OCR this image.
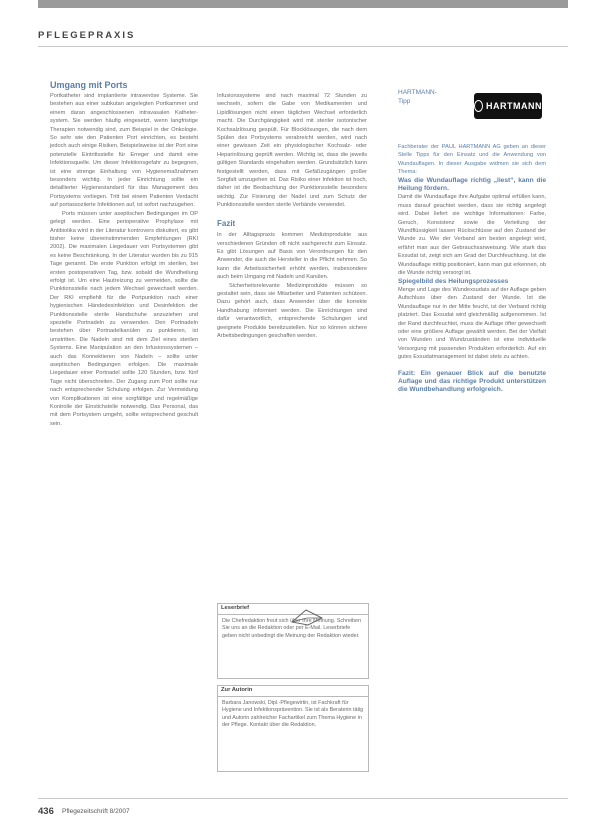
PFLEGEPRAXIS
Umgang mit Ports

Portkatheter sind implantierte intravenöse Systeme. Sie bestehen aus einer subkutan angelegten Portkammer und einem daran angeschlossenen intravasalen Katheter-system. Sie werden häufig eingesetzt, wenn langfristige Therapien notwendig sind, zum Beispiel in der Onkologie. So sehr wie den Patienten Port einrichten, es besteht jedoch auch einige Risiken. Beispielsweise ist der Port eine potenzielle Eintrittsstelle für Erreger und damit eine Infektionsquelle. Um dieser Infektionsgefahr zu begegnen, ist eine strenge Einhaltung von Hygienemaßnahmen besonders wichtig. In jeder Einrichtung sollte ein detaillierter Hygienestandard für das Management des Portsystems vorliegen. Tritt bei einem Patienten Verdacht auf portassoziierte Infektionen auf, ist sofort nachzugehen.

Ports müssen unter aseptischen Bedingungen im OP gelegt werden. Eine perioperative Prophylaxe mit Antibiotika wird in der Literatur kontrovers diskutiert, es gibt bisher keine übereinstimmenden Empfehlungen (RKI 2002). Die maximalen Liegedauer von Portsystemen gibt es keine Beschränkung. In der Literatur wurden bis zu 915 Tage genannt. Die erste Punktion erfolgt im sterilen, bei ersten postoperativen Tag, bzw. sobald die Wundheilung erfolgt ist. Um eine Hautreizung zu vermeiden, sollte die Punktionsstelle nach jedem Wechsel gewechselt werden. Der RKI empfiehlt für die Portpunktion nach einer hygienischen Händedesinfektion und Desinfektion der Punktionsstelle sterile Handschuhe anzuziehen und spezielle Portnadeln zu verwenden. Den Portnadeln bestehen über Portnadelkanülen zu punktieren, ist umstritten. Die Nadeln sind mit dem Ziel eines sterilen Systems. Eine Manipulation an den Infusionssystemen – auch das Konnektieren von Nadeln – sollte unter aseptischen Bedingungen erfolgen. Die maximale Liegedauer einer Portnadel sollte 120 Stunden, bzw. fünf Tage nicht überschreiten. Der Zugang zum Port sollte nur nach entsprechender Schulung erfolgen. Zur Vermeidung von Komplikationen ist eine sorgfältige und regelmäßige Kontrolle der Einstichstelle notwendig. Das Personal, das mit dem Portsystem umgeht, sollte entsprechend geschult sein.

Infusionssysteme sind nach maximal 72 Stunden zu wechseln, sofern die Gabe von Medikamenten und Lipidlösungen nicht einen täglichen Wechsel erforderlich macht. Die Durchgängigkeit wird mit steriler isotonischer Kochsalzlösung gespült. Für Blocklösungen, die nach dem Spülen des Portsystems verabreicht werden, wird nach einer gewissen Zeit ein physiologischer Kochsalz- oder Heparinlösung geprüft werden. Wichtig ist, dass die jeweils gültigen Standards eingehalten werden. Grundsätzlich kann festgestellt werden, dass mit Gefäßzugängen großer Sorgfalt umzugehen ist. Das Risiko einer Infektion ist hoch, daher ist die Beobachtung der Punktionsstelle besonders wichtig. Zur Fixierung der Nadel und zum Schutz der Punktionsstelle werden sterile Verbände verwendet.

Fazit

In der Alltagspraxis kommen Medizinprodukte aus verschiedenen Gründen oft nicht sachgerecht zum Einsatz. Es gibt Lösungen auf Basis von Verordnungen für den Anwender, die auch die Hersteller in die Pflicht nehmen. So kann die Arbeitssicherheit erhöht werden, insbesondere auch beim Umgang mit Nadeln und Kanülen.

Sicherheitsrelevante Medizinprodukte müssen so gestaltet sein, dass sie Mitarbeiter und Patienten schützen. Dazu gehört auch, dass Anwender über die korrekte Handhabung informiert werden. Die Einrichtungen sind dafür verantwortlich, entsprechende Schulungen und geeignete Produkte bereitzustellen. Nur so können sichere Arbeitsbedingungen geschaffen werden.

HARTMANN-
Tipp	HARTMANN

Fachberater der PAUL HARTMANN AG geben an dieser Stelle Tipps für den Einsatz und die Anwendung von Wundauflagen. In dieser Ausgabe widmen sie sich dem Thema:

Was die Wundauflage richtig „liest“, kann die Heilung fördern.

Damit die Wundauflage ihre Aufgabe optimal erfüllen kann, muss darauf geachtet werden, dass sie richtig angelegt wird. Dabei liefert sie wichtige Informationen: Farbe, Geruch, Konsistenz sowie die Verteilung der Wundflüssigkeit lassen Rückschlüsse auf den Zustand der Wunde zu. Wie der Verband am besten angelegt wird, erfährt man aus der Gebrauchsanweisung. Wie stark das Exsudat ist, zeigt sich am Grad der Durchfeuchtung. Ist die Wundauflage mittig positioniert, kann man gut erkennen, ob die Wunde richtig versorgt ist.

Spiegelbild des Heilungsprozesses

Menge und Lage des Wundexsudats auf der Auflage geben Aufschluss über den Zustand der Wunde. Ist die Wundauflage nur in der Mitte feucht, ist der Verband richtig platziert. Das Exsudat wird gleichmäßig aufgenommen. Ist der Rand durchfeuchtet, muss die Auflage öfter gewechselt oder eine größere Auflage gewählt werden. Bei der Vielfalt von Wunden und Wundzuständen ist eine individuelle Versorgung mit passenden Produkten erforderlich. Auf ein gutes Exsudatmanagement ist dabei stets zu achten.

Fazit: Ein genauer Blick auf die benutzte Auflage und das richtige Produkt unterstützen die Wundbehandlung erfolgreich.

Leserbrief
Die Chefredaktion freut sich über Ihre Meinung. Schreiben Sie uns an die Redaktion oder per E-Mail. Leserbriefe geben nicht unbedingt die Meinung der Redaktion wieder.
Zur Autorin
Barbara Janowski, Dipl.-Pflegewirtin, ist Fachkraft für Hygiene und Infektionsprävention. Sie ist als Beraterin tätig und Autorin zahlreicher Fachartikel zum Thema Hygiene in der Pflege. Kontakt über die Redaktion.
436 Pflegezeitschrift 8/2007
